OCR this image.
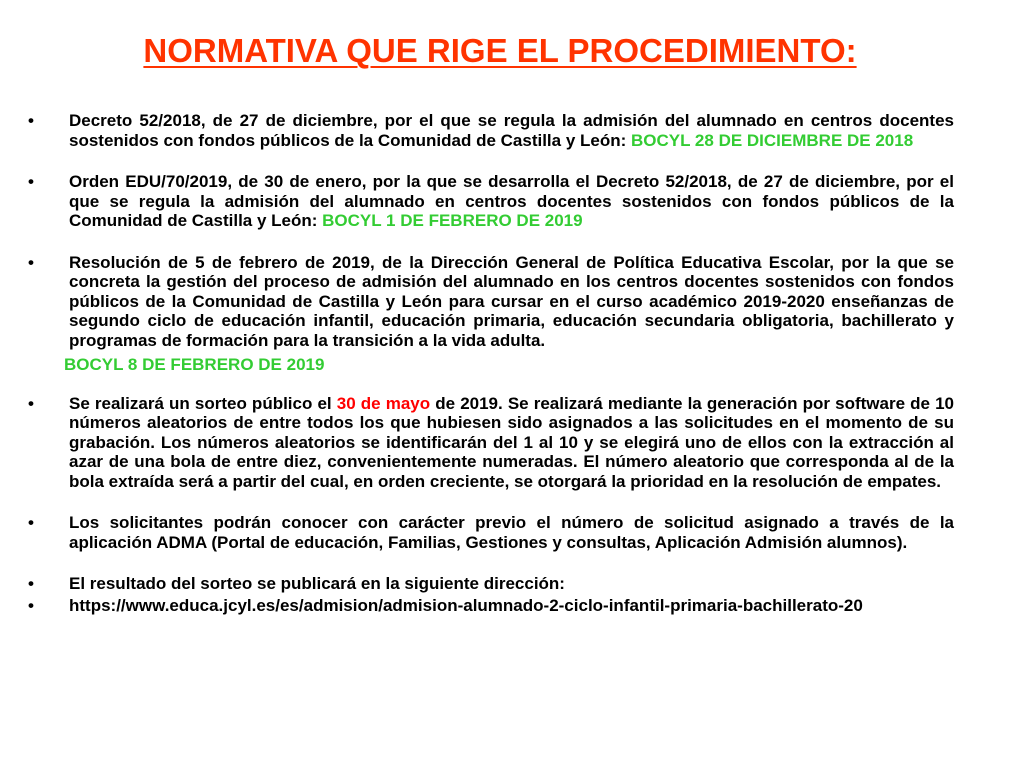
NORMATIVA QUE RIGE EL PROCEDIMIENTO:
• Decreto 52/2018, de 27 de diciembre, por el que se regula la admisión del alumnado en centros docentes sostenidos con fondos públicos de la Comunidad de Castilla y León: BOCYL 28 DE DICIEMBRE DE 2018
• Orden EDU/70/2019, de 30 de enero, por la que se desarrolla el Decreto 52/2018, de 27 de diciembre, por el que se regula la admisión del alumnado en centros docentes sostenidos con fondos públicos de la Comunidad de Castilla y León: BOCYL 1 DE FEBRERO DE 2019
• Resolución de 5 de febrero de 2019, de la Dirección General de Política Educativa Escolar, por la que se concreta la gestión del proceso de admisión del alumnado en los centros docentes sostenidos con fondos públicos de la Comunidad de Castilla y León para cursar en el curso académico 2019-2020 enseñanzas de segundo ciclo de educación infantil, educación primaria, educación secundaria obligatoria, bachillerato y programas de formación para la transición a la vida adulta.
BOCYL 8 DE FEBRERO DE 2019
• Se realizará un sorteo público el 30 de mayo de 2019. Se realizará mediante la generación por software de 10 números aleatorios de entre todos los que hubiesen sido asignados a las solicitudes en el momento de su grabación. Los números aleatorios se identificarán del 1 al 10 y se elegirá uno de ellos con la extracción al azar de una bola de entre diez, convenientemente numeradas. El número aleatorio que corresponda al de la bola extraída será a partir del cual, en orden creciente, se otorgará la prioridad en la resolución de empates.
• Los solicitantes podrán conocer con carácter previo el número de solicitud asignado a través de la aplicación ADMA (Portal de educación, Familias, Gestiones y consultas, Aplicación Admisión alumnos).
• El resultado del sorteo se publicará en la siguiente dirección:
• https://www.educa.jcyl.es/es/admision/admision-alumnado-2-ciclo-infantil-primaria-bachillerato-20
